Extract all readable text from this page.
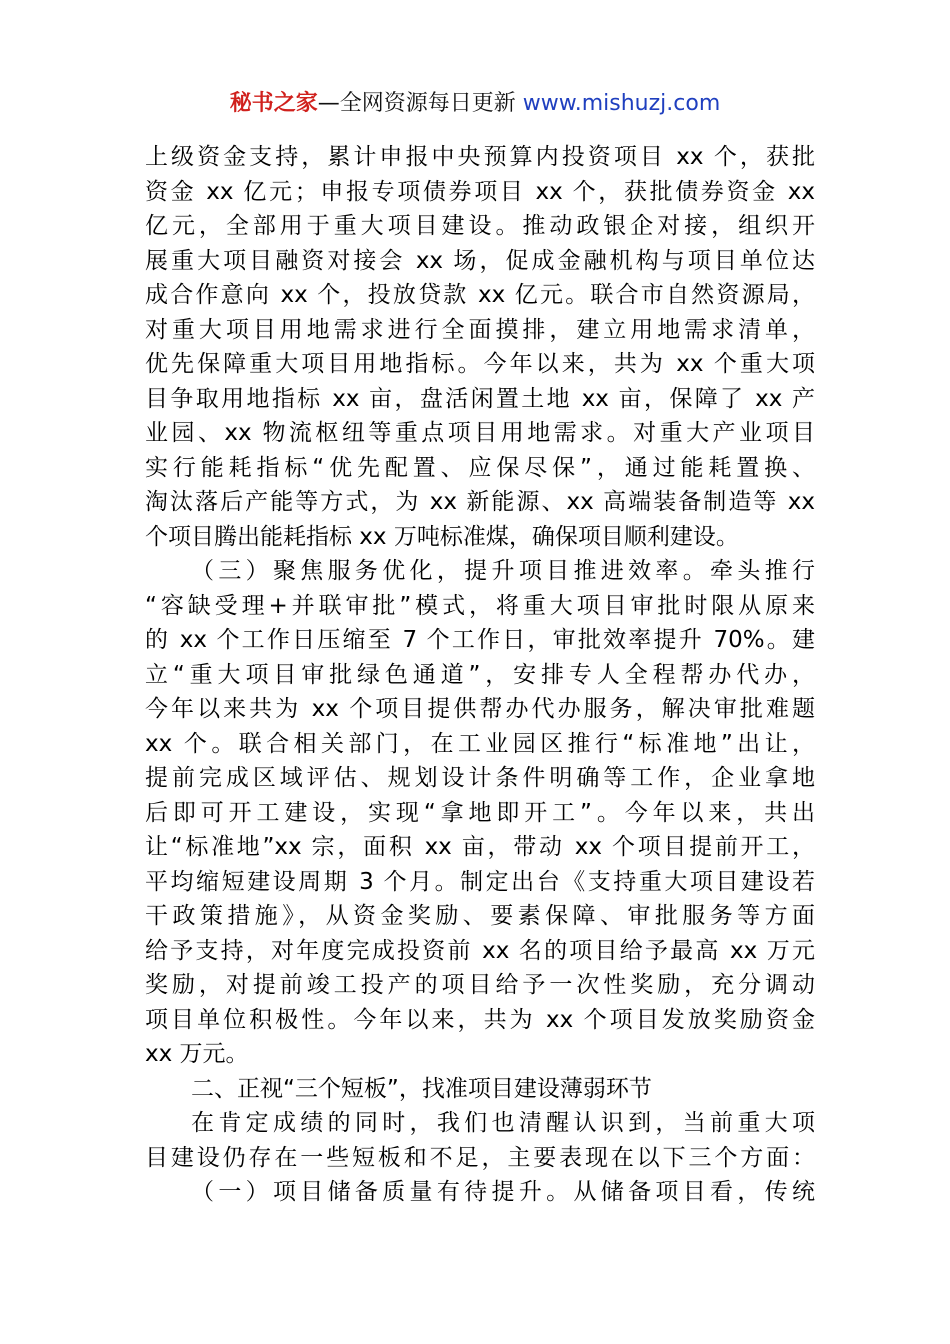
秘书之家—全网资源每日更新 www.mishuzj.com
上级资金支持，累计申报中央预算内投资项目 xx 个，获批
资金 xx 亿元；申报专项债券项目 xx 个，获批债券资金 xx
亿元，全部用于重大项目建设。推动政银企对接，组织开
展重大项目融资对接会 xx 场，促成金融机构与项目单位达
成合作意向 xx 个，投放贷款 xx 亿元。联合市自然资源局，
对重大项目用地需求进行全面摸排，建立用地需求清单，
优先保障重大项目用地指标。今年以来，共为 xx 个重大项
目争取用地指标 xx 亩，盘活闲置土地 xx 亩，保障了 xx 产
业园、xx 物流枢纽等重点项目用地需求。对重大产业项目
实行能耗指标“优先配置、应保尽保”，通过能耗置换、
淘汰落后产能等方式，为 xx 新能源、xx 高端装备制造等 xx
个项目腾出能耗指标 xx 万吨标准煤，确保项目顺利建设。
（三）聚焦服务优化，提升项目推进效率。牵头推行
“容缺受理+并联审批”模式，将重大项目审批时限从原来
的 xx 个工作日压缩至 7 个工作日，审批效率提升 70%。建
立“重大项目审批绿色通道”，安排专人全程帮办代办，
今年以来共为 xx 个项目提供帮办代办服务，解决审批难题
xx 个。联合相关部门，在工业园区推行“标准地”出让，
提前完成区域评估、规划设计条件明确等工作，企业拿地
后即可开工建设，实现“拿地即开工”。今年以来，共出
让“标准地”xx 宗，面积 xx 亩，带动 xx 个项目提前开工，
平均缩短建设周期 3 个月。制定出台《支持重大项目建设若
干政策措施》，从资金奖励、要素保障、审批服务等方面
给予支持，对年度完成投资前 xx 名的项目给予最高 xx 万元
奖励，对提前竣工投产的项目给予一次性奖励，充分调动
项目单位积极性。今年以来，共为 xx 个项目发放奖励资金
xx 万元。
二、正视“三个短板”，找准项目建设薄弱环节
在肯定成绩的同时，我们也清醒认识到，当前重大项
目建设仍存在一些短板和不足，主要表现在以下三个方面：
（一）项目储备质量有待提升。从储备项目看，传统
